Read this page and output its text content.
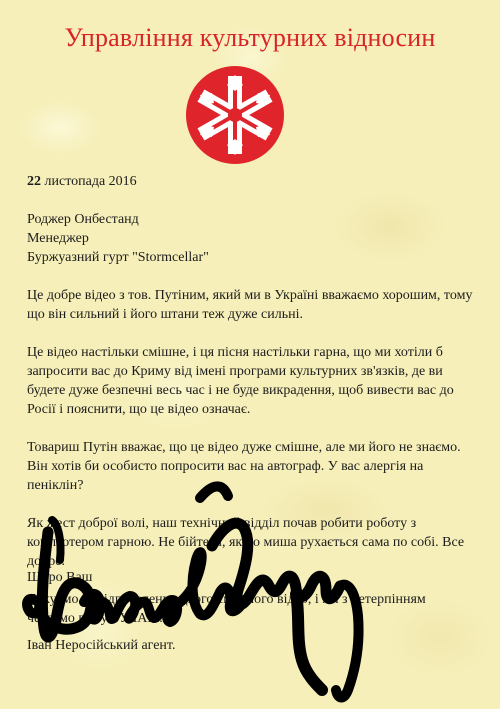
Управління культурних відносин

22 листопада 2016

Роджер Онбестанд

Менеджер

Буржуазний гурт "Stormcellar"

Це добре відео з тов. Путіним, який ми в Україні вважаємо хорошим, тому що він сильний і його штани теж дуже сильні.

Це відео настільки смішне, і ця пісня настільки гарна, що ми хотіли б запросити вас до Криму від імені програми культурних зв'язків, де ви будете дуже безпечні весь час і не буде викрадення, щоб вивести вас до Росії і пояснити, що це відео означає.

Товариш Путін вважає, що це відео дуже смішне, але ми його не знаємо. Він хотів би особисто попросити вас на автограф. У вас алергія на пеніклін?

Як жест доброї волі, наш технічний відділ почав робити роботу з комп'ютером гарною. Не бійтеся, якщо миша рухається сама по собі. Все добре.

Дякуємо за відправлення цього смішного відео, і ми з нетерпінням чекаємо вас у ГУЛАГі.

Щиро Ваш
Іван Неросійський агент.
